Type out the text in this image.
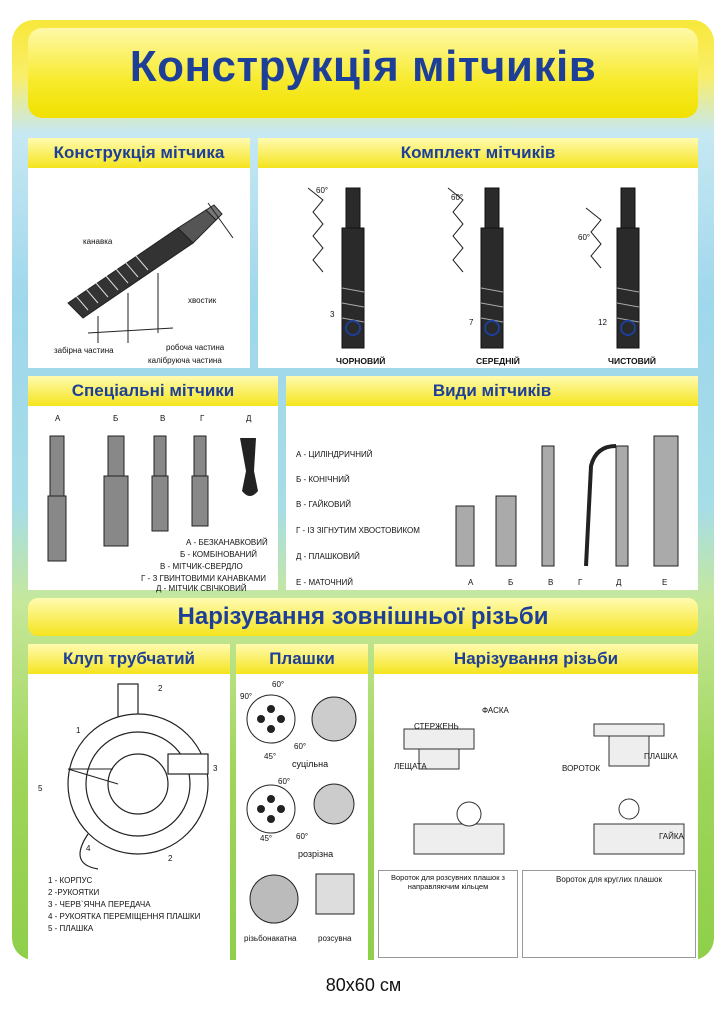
Конструкція мітчиків
Конструкція мітчика
канавка
хвостик
робоча частина
калібруюча частина
забірна частина
Комплект мітчиків
60°
60°
60°
3
7	12
ЧОРНОВИЙ	СЕРЕДНІЙ	ЧИСТОВИЙ
Спеціальні мітчики
А	Б	В	Г	Д
А - БЕЗКАНАВКОВИЙ
Б - КОМБІНОВАНИЙ
В - МІТЧИК-СВЕРДЛО
Г - З ГВИНТОВИМИ КАНАВКАМИ
Д - МІТЧИК СВІЧКОВИЙ
Види мітчиків
А - ЦИЛІНДРИЧНИЙ
Б - КОНІЧНИЙ
В - ГАЙКОВИЙ
Г - ІЗ ЗІГНУТИМ ХВОСТОВИКОМ
Д - ПЛАШКОВИЙ
Е - МАТОЧНИЙ	А	Б	В	Г	Д	Е
Нарізування зовнішньої різьби
Клуп трубчатий
1
2
3
4
5
2
1 - КОРПУС
2 -РУКОЯТКИ
3 - ЧЕРВ`ЯЧНА ПЕРЕДАЧА
4 - РУКОЯТКА ПЕРЕМІЩЕННЯ ПЛАШКИ
5 - ПЛАШКА
Плашки
90°
60°
45°
60°
60°
45°	60°
суцільна
розрізна
різьбонакатна	розсувна
Нарізування різьби
СТЕРЖЕНЬ
ФАСКА
ЛЕЩАТА	ВОРОТОК
ПЛАШКА
ГАЙКА
Вороток для розсувних плашок з направляючим кільцем
Вороток для круглих плашок
80х60 см
